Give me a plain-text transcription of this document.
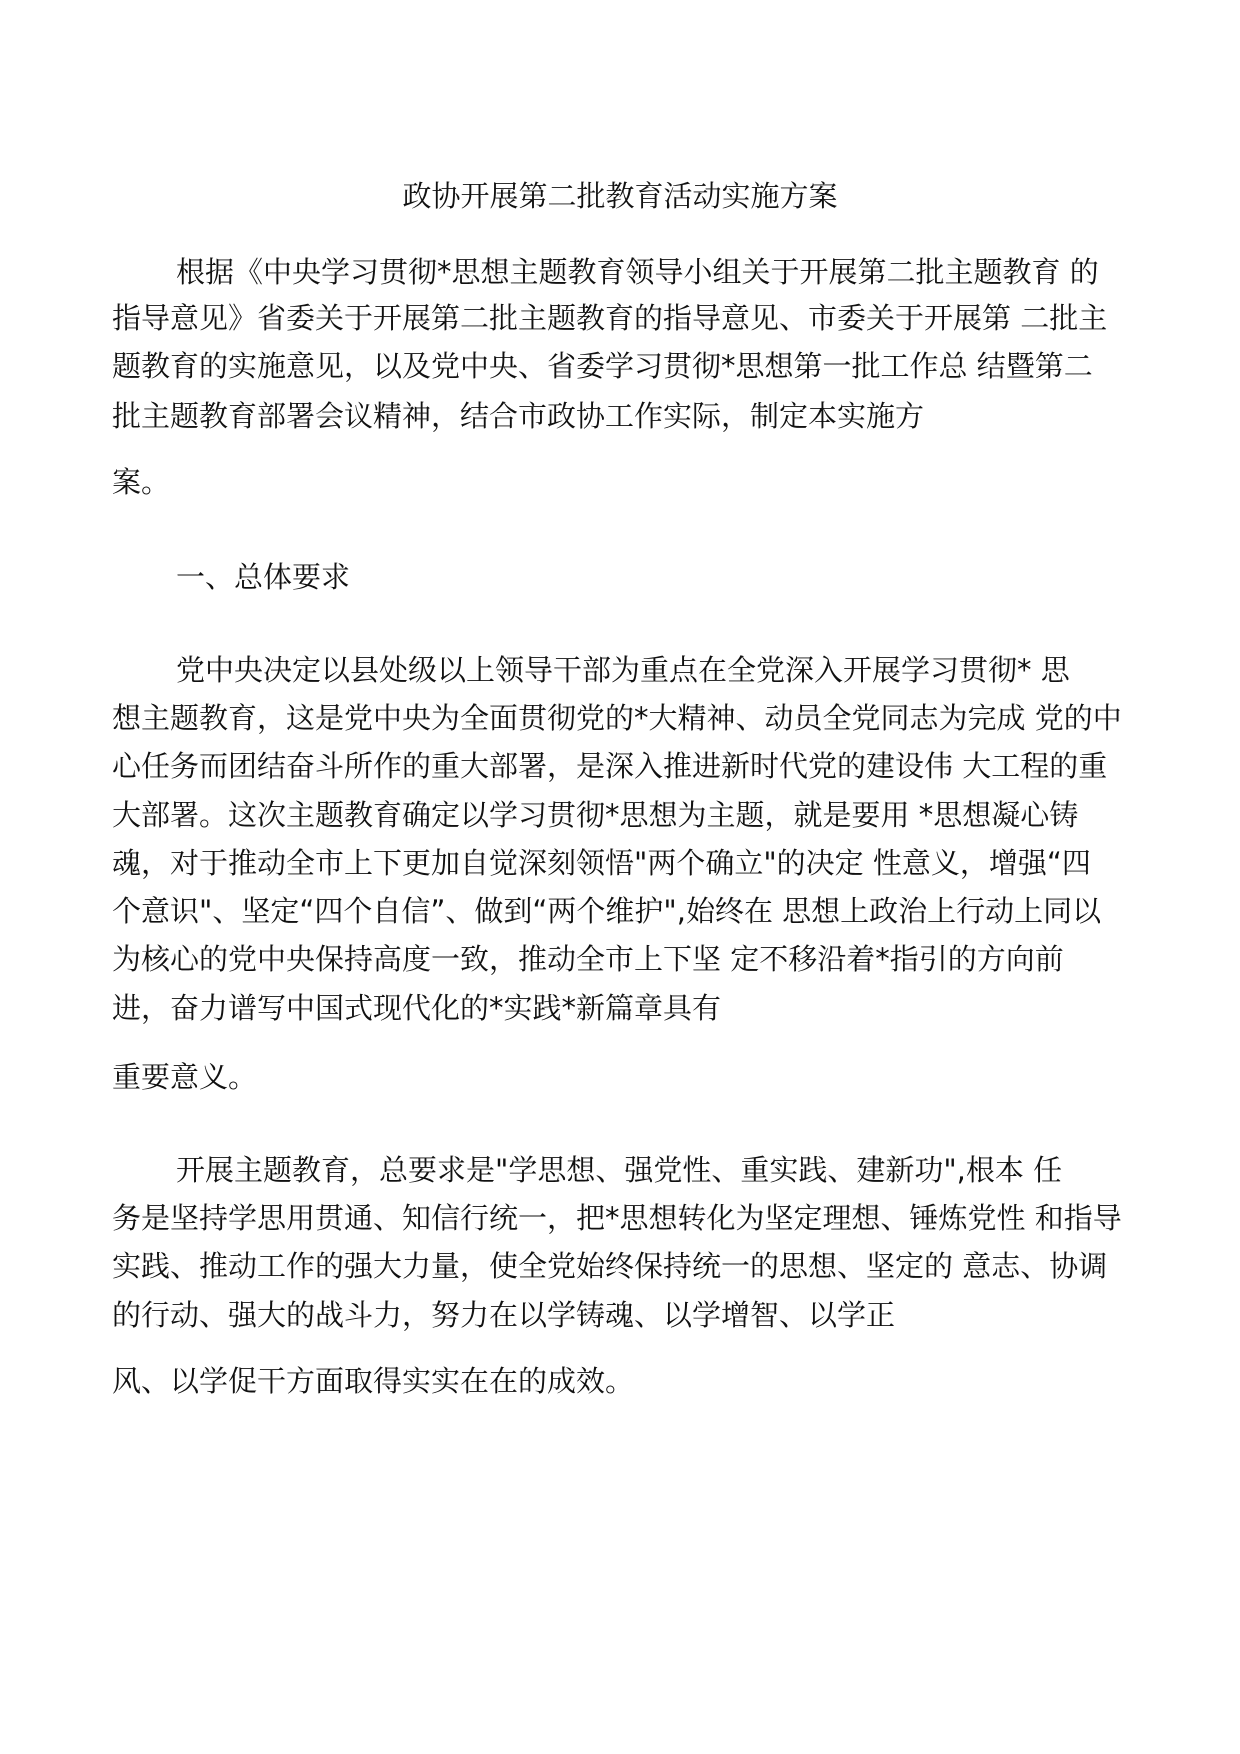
政协开展第二批教育活动实施方案
根据《中央学习贯彻*思想主题教育领导小组关于开展第二批主题教育 的
指导意见》省委关于开展第二批主题教育的指导意见、市委关于开展第 二批主
题教育的实施意见，以及党中央、省委学习贯彻*思想第一批工作总 结暨第二
批主题教育部署会议精神，结合市政协工作实际，制定本实施方
案。
一、总体要求
党中央决定以县处级以上领导干部为重点在全党深入开展学习贯彻* 思
想主题教育，这是党中央为全面贯彻党的*大精神、动员全党同志为完成 党的中
心任务而团结奋斗所作的重大部署，是深入推进新时代党的建设伟 大工程的重
大部署。这次主题教育确定以学习贯彻*思想为主题，就是要用 *思想凝心铸
魂，对于推动全市上下更加自觉深刻领悟"两个确立"的决定 性意义，增强“四
个意识"、坚定“四个自信”、做到“两个维护",始终在 思想上政治上行动上同以
为核心的党中央保持高度一致，推动全市上下坚 定不移沿着*指引的方向前
进，奋力谱写中国式现代化的*实践*新篇章具有
重要意义。
开展主题教育，总要求是"学思想、强党性、重实践、建新功",根本 任
务是坚持学思用贯通、知信行统一，把*思想转化为坚定理想、锤炼党性 和指导
实践、推动工作的强大力量，使全党始终保持统一的思想、坚定的 意志、协调
的行动、强大的战斗力，努力在以学铸魂、以学增智、以学正
风、以学促干方面取得实实在在的成效。
